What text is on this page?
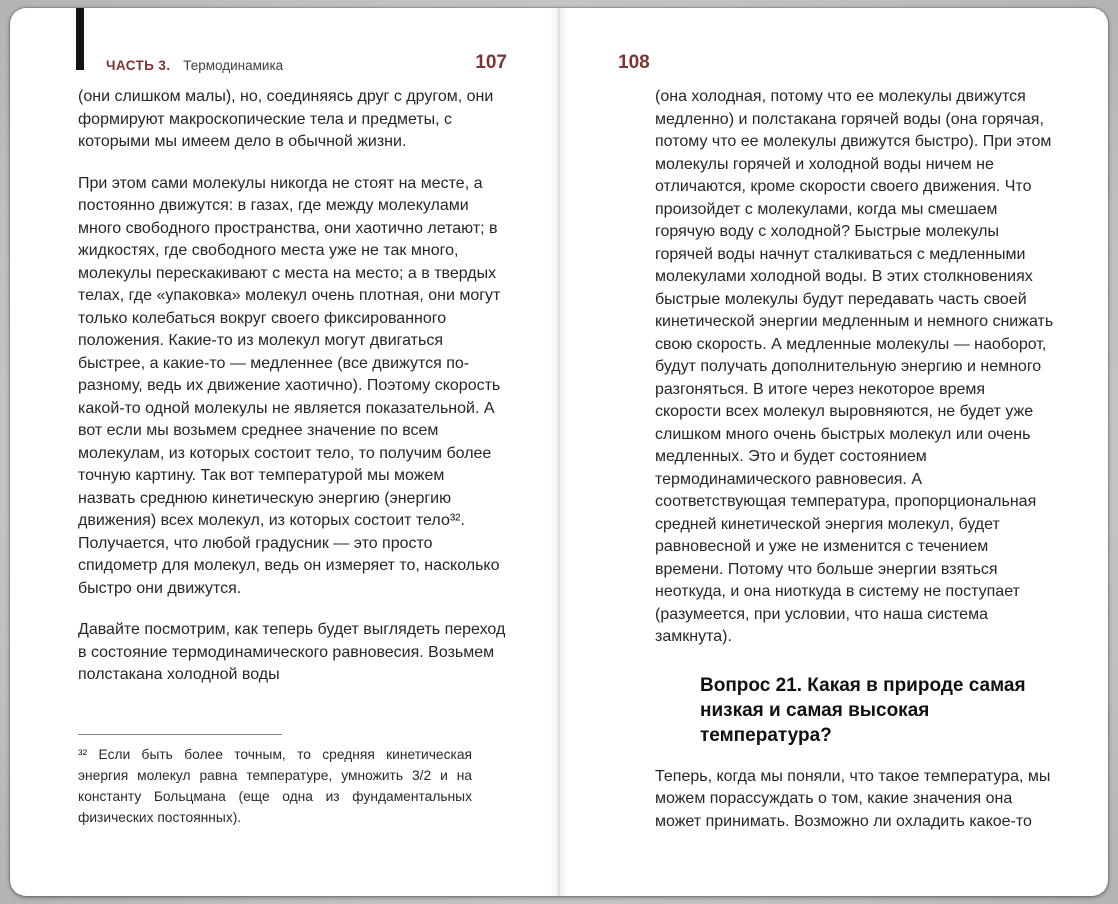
ЧАСТЬ 3. Термодинамика	107

(они слишком малы), но, соединяясь друг с другом, они формируют макроскопические тела и предметы, с которыми мы имеем дело в обычной жизни.

При этом сами молекулы никогда не стоят на месте, а постоянно движутся: в газах, где между молекулами много свободного пространства, они хаотично летают; в жидкостях, где свободного места уже не так много, молекулы перескакивают с места на место; а в твердых телах, где «упаковка» молекул очень плотная, они могут только колебаться вокруг своего фиксированного положения. Какие-то из молекул могут двигаться быстрее, а какие-то — медленнее (все движутся по-разному, ведь их движение хаотично). Поэтому скорость какой-то одной молекулы не является показательной. А вот если мы возьмем среднее значение по всем молекулам, из которых состоит тело, то получим более точную картину. Так вот температурой мы можем назвать среднюю кинетическую энергию (энергию движения) всех молекул, из которых состоит тело³². Получается, что любой градусник — это просто спидометр для молекул, ведь он измеряет то, насколько быстро они движутся.

Давайте посмотрим, как теперь будет выглядеть переход в состояние термодинамического равновесия. Возьмем полстакана холодной воды

³² Если быть более точным, то средняя кинетическая энергия молекул равна температуре, умножить 3/2 и на константу Больцмана (еще одна из фундаментальных физических постоянных).
108

(она холодная, потому что ее молекулы движутся медленно) и полстакана горячей воды (она горячая, потому что ее молекулы движутся быстро). При этом молекулы горячей и холодной воды ничем не отличаются, кроме скорости своего движения. Что произойдет с молекулами, когда мы смешаем горячую воду с холодной? Быстрые молекулы горячей воды начнут сталкиваться с медленными молекулами холодной воды. В этих столкновениях быстрые молекулы будут передавать часть своей кинетической энергии медленным и немного снижать свою скорость. А медленные молекулы — наоборот, будут получать дополнительную энергию и немного разгоняться. В итоге через некоторое время скорости всех молекул выровняются, не будет уже слишком много очень быстрых молекул или очень медленных. Это и будет состоянием термодинамического равновесия. А соответствующая температура, пропорциональная средней кинетической энергия молекул, будет равновесной и уже не изменится с течением времени. Потому что больше энергии взяться неоткуда, и она ниоткуда в систему не поступает (разумеется, при условии, что наша система замкнута).

Вопрос 21. Какая в природе самая низкая и самая высокая температура?

Теперь, когда мы поняли, что такое температура, мы можем порассуждать о том, какие значения она может принимать. Возможно ли охладить какое-то
